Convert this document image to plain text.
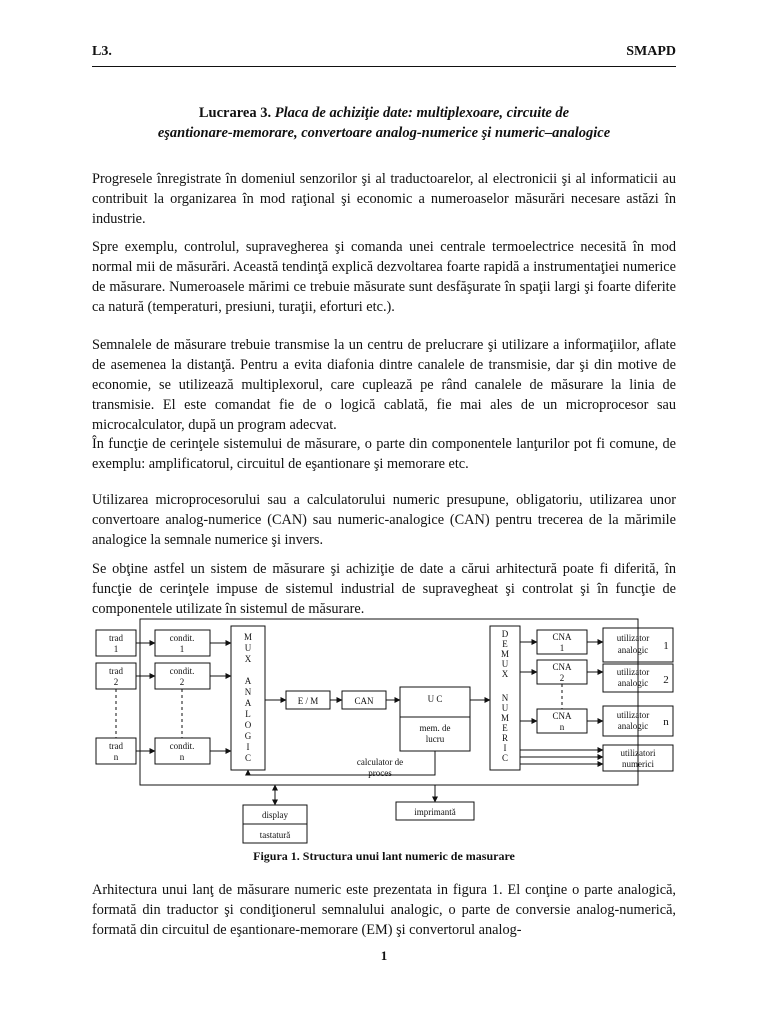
L3.	SMAPD
Lucrarea 3. Placa de achiziţie date: multiplexoare, circuite de
eşantionare-memorare, convertoare analog-numerice şi numeric–analogice

Progresele înregistrate în domeniul senzorilor şi al traductoarelor, al electronicii şi al informaticii au contribuit la organizarea în mod raţional şi economic a numeroaselor măsurări necesare astăzi în industrie.

Spre exemplu, controlul, supravegherea şi comanda unei centrale termoelectrice necesită în mod normal mii de măsurări. Această tendinţă explică dezvoltarea foarte rapidă a instrumentaţiei numerice de măsurare. Numeroasele mărimi ce trebuie măsurate sunt desfăşurate în spaţii largi şi foarte diferite ca natură (temperaturi, presiuni, turaţii, eforturi etc.).

Semnalele de măsurare trebuie transmise la un centru de prelucrare şi utilizare a informaţiilor, aflate de asemenea la distanţă. Pentru a evita diafonia dintre canalele de transmisie, dar şi din motive de economie, se utilizează multiplexorul, care cuplează pe rând canalele de măsurare la linia de transmisie. El este comandat fie de o logică cablată, fie mai ales de un microprocesor sau microcalculator, după un program adecvat.

În funcţie de cerinţele sistemului de măsurare, o parte din componentele lanţurilor pot fi comune, de exemplu: amplificatorul, circuitul de eşantionare şi memorare etc.

Utilizarea microprocesorului sau a calculatorului numeric presupune, obligatoriu, utilizarea unor convertoare analog-numerice (CAN) sau numeric-analogice (CAN) pentru trecerea de la mărimile analogice la semnale numerice şi invers.

Se obţine astfel un sistem de măsurare şi achiziţie de date a cărui arhitectură poate fi diferită, în funcţie de cerinţele impuse de sistemul industrial de supravegheat şi controlat şi în funcţie de componentele utilizate în sistemul de măsurare.

trad
1
trad
2
trad
n
condit.
1
condit.
2
condit.
n
M
U
X
A
N
A
L
O
G
I
C
E / M	CAN	U C
mem. de
lucru
calculator de
proces
D
E
M
U
X
N
U
M
E
R
I
C
CNA
1
CNA
2
CNA
n
utilizator
analogic
utilizator
analogic
utilizator
analogic
utilizatori
numerici
display
tastatură
imprimantă
1
2
n
Figura 1. Structura unui lant numeric de masurare

Arhitectura unui lanţ de măsurare numeric este prezentata in figura 1. El conţine o parte analogică, formată din traductor şi condiţionerul semnalului analogic, o parte de conversie analog-numerică, formată din circuitul de eşantionare-memorare (EM) şi convertorul analog-

1
